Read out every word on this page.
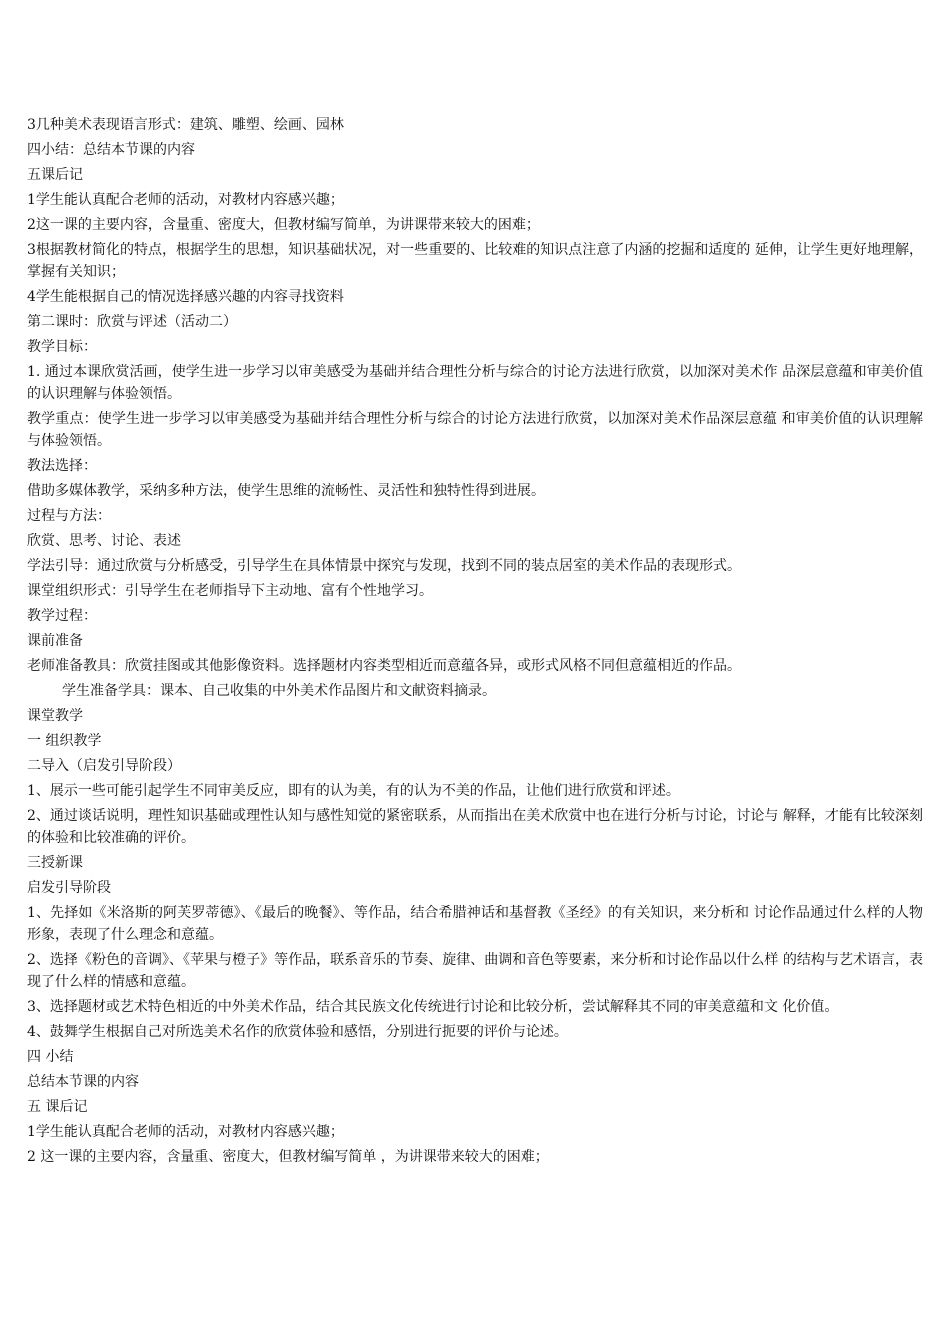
3几种美术表现语言形式：建筑、雕塑、绘画、园林

四小结：总结本节课的内容

五课后记

1学生能认真配合老师的活动，对教材内容感兴趣；

2这一课的主要内容，含量重、密度大，但教材编写简单，为讲课带来较大的困难；

3根据教材简化的特点，根据学生的思想，知识基础状况，对一些重要的、比较难的知识点注意了内涵的挖掘和适度的 延伸，让学生更好地理解，掌握有关知识；

4学生能根据自己的情况选择感兴趣的内容寻找资料

第二课时：欣赏与评述（活动二）

教学目标：

1. 通过本课欣赏活画，使学生进一步学习以审美感受为基础并结合理性分析与综合的讨论方法进行欣赏，以加深对美术作 品深层意蕴和审美价值的认识理解与体验领悟。

教学重点：使学生进一步学习以审美感受为基础并结合理性分析与综合的讨论方法进行欣赏，以加深对美术作品深层意蕴 和审美价值的认识理解与体验领悟。

教法选择：

借助多媒体教学，采纳多种方法，使学生思维的流畅性、灵活性和独特性得到进展。

过程与方法：

欣赏、思考、讨论、表述

学法引导：通过欣赏与分析感受，引导学生在具体情景中探究与发现，找到不同的装点居室的美术作品的表现形式。

课堂组织形式：引导学生在老师指导下主动地、富有个性地学习。

教学过程：

课前准备

老师准备教具：欣赏挂图或其他影像资料。选择题材内容类型相近而意蕴各异，或形式风格不同但意蕴相近的作品。

学生准备学具：课本、自己收集的中外美术作品图片和文献资料摘录。

课堂教学

一 组织教学

二导入（启发引导阶段）

1、展示一些可能引起学生不同审美反应，即有的认为美，有的认为不美的作品，让他们进行欣赏和评述。

2、通过谈话说明，理性知识基础或理性认知与感性知觉的紧密联系，从而指出在美术欣赏中也在进行分析与讨论，讨论与 解释，才能有比较深刻的体验和比较准确的评价。

三授新课

启发引导阶段

1、先择如《米洛斯的阿芙罗蒂德》、《最后的晚餐》、等作品，结合希腊神话和基督教《圣经》的有关知识，来分析和 讨论作品通过什么样的人物形象，表现了什么理念和意蕴。

2、选择《粉色的音调》、《苹果与橙子》等作品，联系音乐的节奏、旋律、曲调和音色等要素，来分析和讨论作品以什么样 的结构与艺术语言，表现了什么样的情感和意蕴。

3、选择题材或艺术特色相近的中外美术作品，结合其民族文化传统进行讨论和比较分析，尝试解释其不同的审美意蕴和文 化价值。

4、鼓舞学生根据自己对所选美术名作的欣赏体验和感悟，分别进行扼要的评价与论述。

四 小结

总结本节课的内容

五 课后记

1学生能认真配合老师的活动，对教材内容感兴趣；

2 这一课的主要内容，含量重、密度大，但教材编写简单 ，为讲课带来较大的困难；
